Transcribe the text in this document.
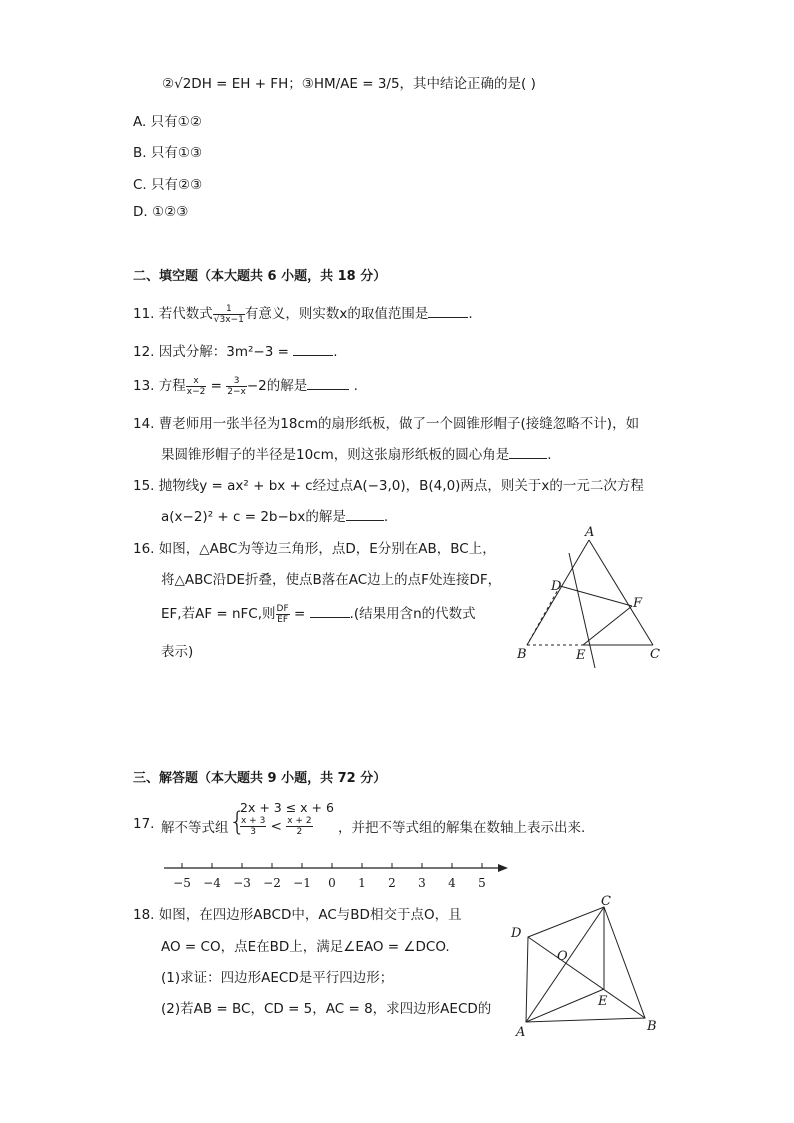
②√2DH = EH + FH；③HM/AE = 3/5，其中结论正确的是( )
A. 只有①②
B. 只有①③
C. 只有②③
D. ①②③
二、填空题（本大题共 6 小题，共 18 分）
11. 若代数式 $\frac{1}{√3x-1}$ 有意义，则实数x的取值范围是	.
12. 因式分解：3m²−3 =	.
13. 方程 $\frac{x}{x-2} = \frac{3}{2-x} -2$的解是	.
14. 曹老师用一张半径为18cm的扇形纸板，做了一个圆锥形帽子(接缝忽略不计)，如
果圆锥形帽子的半径是10cm，则这张扇形纸板的圆心角是	.
15. 抛物线y = ax² + bx + c经过点A(−3,0)，B(4,0)两点，则关于x的一元二次方程
a(x−2)² + c = 2b−bx的解是	.
16. 如图，△ABC为等边三角形，点D，E分别在AB，BC上，
将△ABC沿DE折叠，使点B落在AC边上的点F处连接DF，
EF,若AF = nFC,则 $\frac{DF}{EF}$ =	.(结果用含n的代数式
表示)
A
B	C
D
E
F
三、解答题（本大题共 9 小题，共 72 分）
17. 解不等式组 {
2x + 3 ≤ x + 6
$\frac{x + 3}{3} < \frac{x + 2}{2}$ ，并把不等式组的解集在数轴上表示出来.
−5 −4 −3 −2 −1 0 1 2 3 4 5
18. 如图，在四边形ABCD中，AC与BD相交于点O，且
AO = CO，点E在BD上，满足∠EAO = ∠DCO.
(1)求证：四边形AECD是平行四边形；
(2)若AB = BC，CD = 5，AC = 8，求四边形AECD的
C
D
O
E
A	B
